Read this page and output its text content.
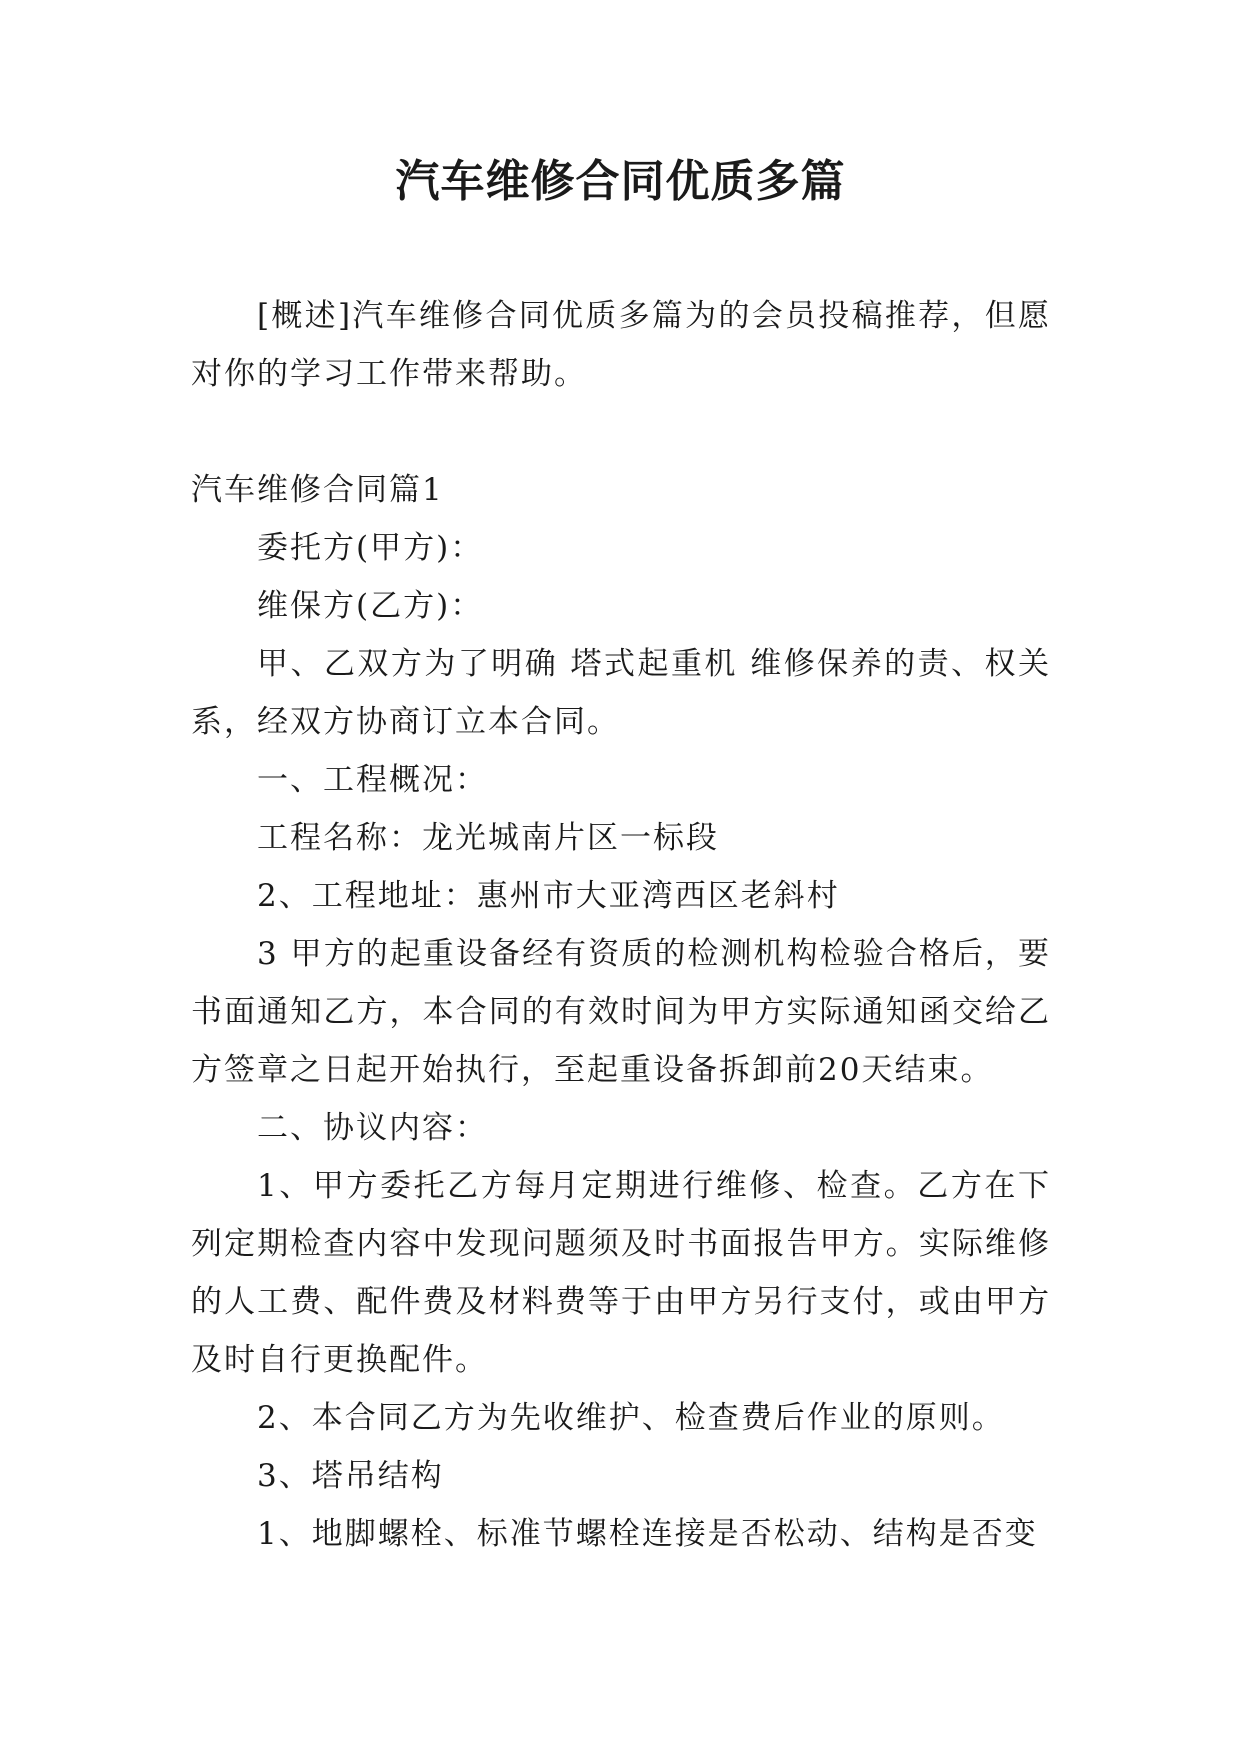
汽车维修合同优质多篇

[概述]汽车维修合同优质多篇为的会员投稿推荐，但愿对你的学习工作带来帮助。

汽车维修合同篇1

委托方(甲方)：

维保方(乙方)：

甲、乙双方为了明确 塔式起重机 维修保养的责、权关系，经双方协商订立本合同。

一、工程概况：

工程名称：龙光城南片区一标段

2、工程地址：惠州市大亚湾西区老斜村

3 甲方的起重设备经有资质的检测机构检验合格后，要书面通知乙方，本合同的有效时间为甲方实际通知函交给乙方签章之日起开始执行，至起重设备拆卸前20天结束。

二、协议内容：

1、甲方委托乙方每月定期进行维修、检查。乙方在下列定期检查内容中发现问题须及时书面报告甲方。实际维修的人工费、配件费及材料费等于由甲方另行支付，或由甲方及时自行更换配件。

2、本合同乙方为先收维护、检查费后作业的原则。

3、塔吊结构

1、地脚螺栓、标准节螺栓连接是否松动、结构是否变
